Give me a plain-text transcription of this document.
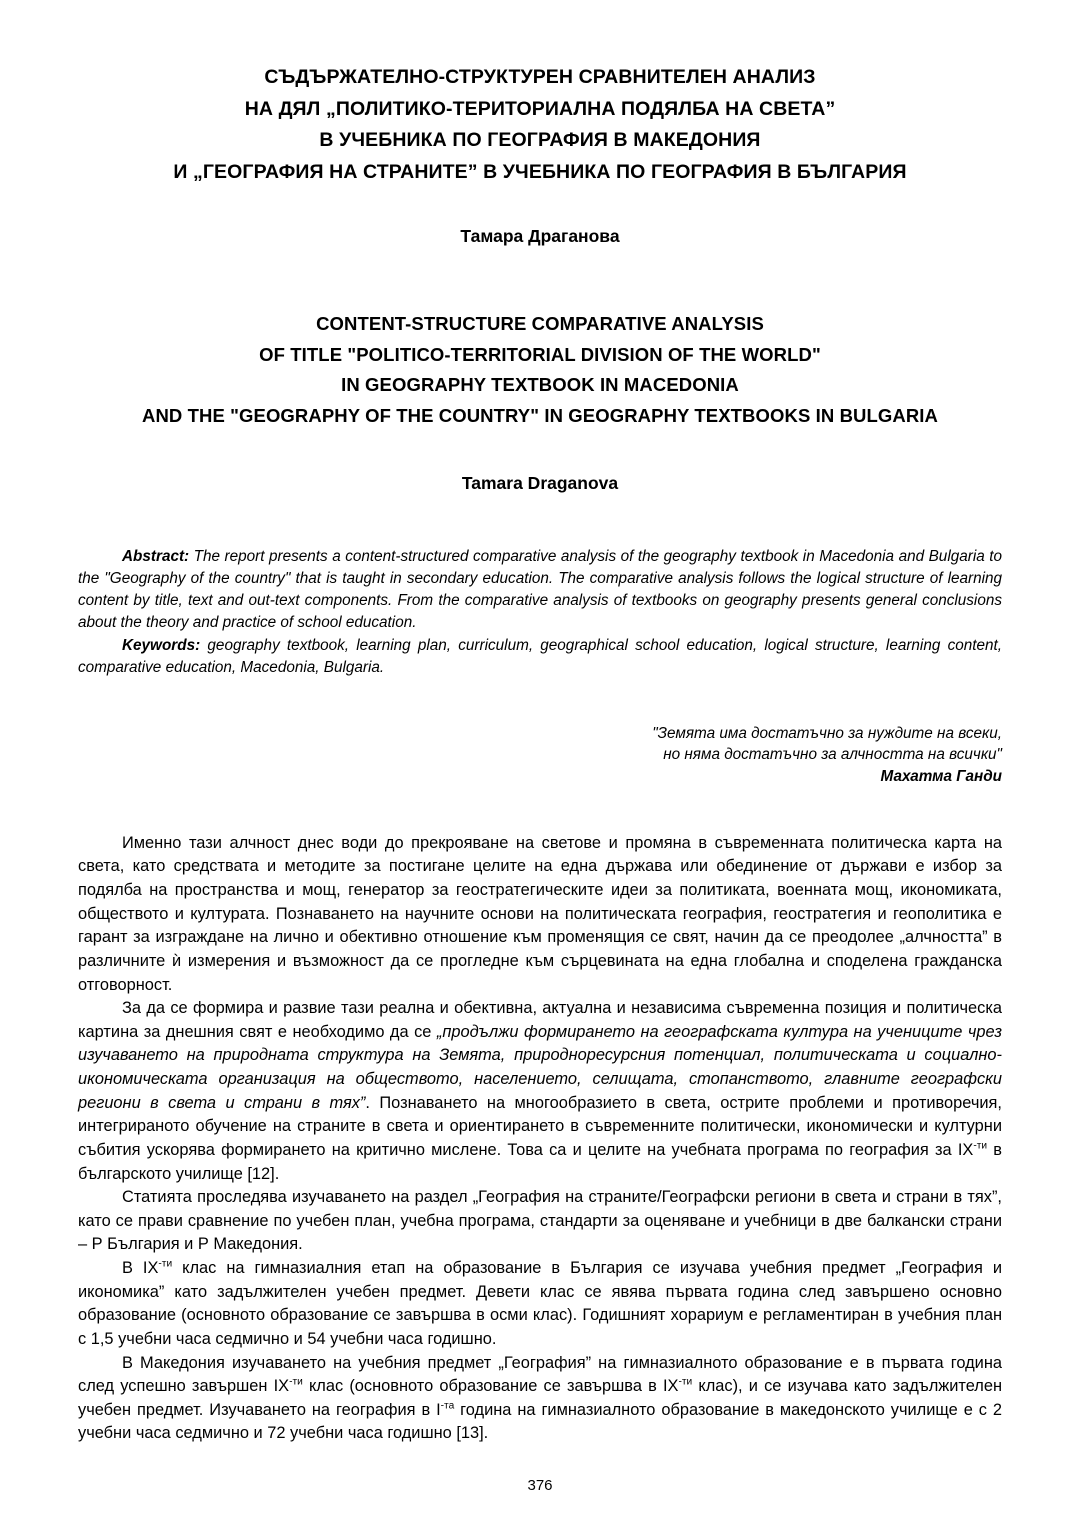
СЪДЪРЖАТЕЛНО-СТРУКТУРЕН СРАВНИТЕЛЕН АНАЛИЗ
НА ДЯЛ „ПОЛИТИКО-ТЕРИТОРИАЛНА ПОДЯЛБА НА СВЕТА”
В УЧЕБНИКА ПО ГЕОГРАФИЯ В МАКЕДОНИЯ
И „ГЕОГРАФИЯ НА СТРАНИТЕ” В УЧЕБНИКА ПО ГЕОГРАФИЯ В БЪЛГАРИЯ
Тамара Драганова
CONTENT-STRUCTURE COMPARATIVE ANALYSIS
OF TITLE "POLITICO-TERRITORIAL DIVISION OF THE WORLD"
IN GEOGRAPHY TEXTBOOK IN MACEDONIA
AND THE "GEOGRAPHY OF THE COUNTRY" IN GEOGRAPHY TEXTBOOKS IN BULGARIA
Tamara Draganova

Abstract: The report presents a content-structured comparative analysis of the geography textbook in Macedonia and Bulgaria to the "Geography of the country" that is taught in secondary education. The comparative analysis follows the logical structure of learning content by title, text and out-text components. From the comparative analysis of textbooks on geography presents general conclusions about the theory and practice of school education.

Keywords: geography textbook, learning plan, curriculum, geographical school education, logical structure, learning content, comparative education, Macedonia, Bulgaria.

"Земята има достатъчно за нуждите на всеки,
но няма достатъчно за алчността на всички"
Махатма Ганди

Именно тази алчност днес води до прекрояване на светове и промяна в съвременната политическа карта на света, като средствата и методите за постигане целите на една държава или обединение от държави е избор за подялба на пространства и мощ, генератор за геостратегическите идеи за политиката, военната мощ, икономиката, обществото и културата. Познаването на научните основи на политическата география, геостратегия и геополитика е гарант за изграждане на лично и обективно отношение към променящия се свят, начин да се преодолее „алчността” в различните ѝ измерения и възможност да се прогледне към сърцевината на една глобална и споделена гражданска отговорност.

За да се формира и развие тази реална и обективна, актуална и независима съвременна позиция и политическа картина за днешния свят е необходимо да се „продължи формирането на географската култура на учениците чрез изучаването на природната структура на Земята, природноресурсния потенциал, политическата и социално-икономическата организация на обществото, населението, селищата, стопанството, главните географски региони в света и страни в тях”. Познаването на многообразието в света, острите проблеми и противоречия, интегрираното обучение на страните в света и ориентирането в съвременните политически, икономически и културни събития ускорява формирането на критично мислене. Това са и целите на учебната програма по география за $IX^{-ти}$ в българското училище [12].

Статията проследява изучаването на раздел „География на страните/Географски региони в света и страни в тях”, като се прави сравнение по учебен план, учебна програма, стандарти за оценяване и учебници в две балкански страни – Р България и Р Македония.

В $IX^{-ти}$ клас на гимназиалния етап на образование в България се изучава учебния предмет „География и икономика” като задължителен учебен предмет. Девети клас се явява първата година след завършено основно образование (основното образование се завършва в осми клас). Годишният хорариум е регламентиран в учебния план с 1,5 учебни часа седмично и 54 учебни часа годишно.

В Македония изучаването на учебния предмет „География” на гимназиалното образование е в първата година след успешно завършен $IX^{-ти}$ клас (основното образование се завършва в $IX^{-ти}$ клас), и се изучава като задължителен учебен предмет. Изучаването на география в $I^{-та}$ година на гимназиалното образование в македонското училище е с 2 учебни часа седмично и 72 учебни часа годишно [13].

376
